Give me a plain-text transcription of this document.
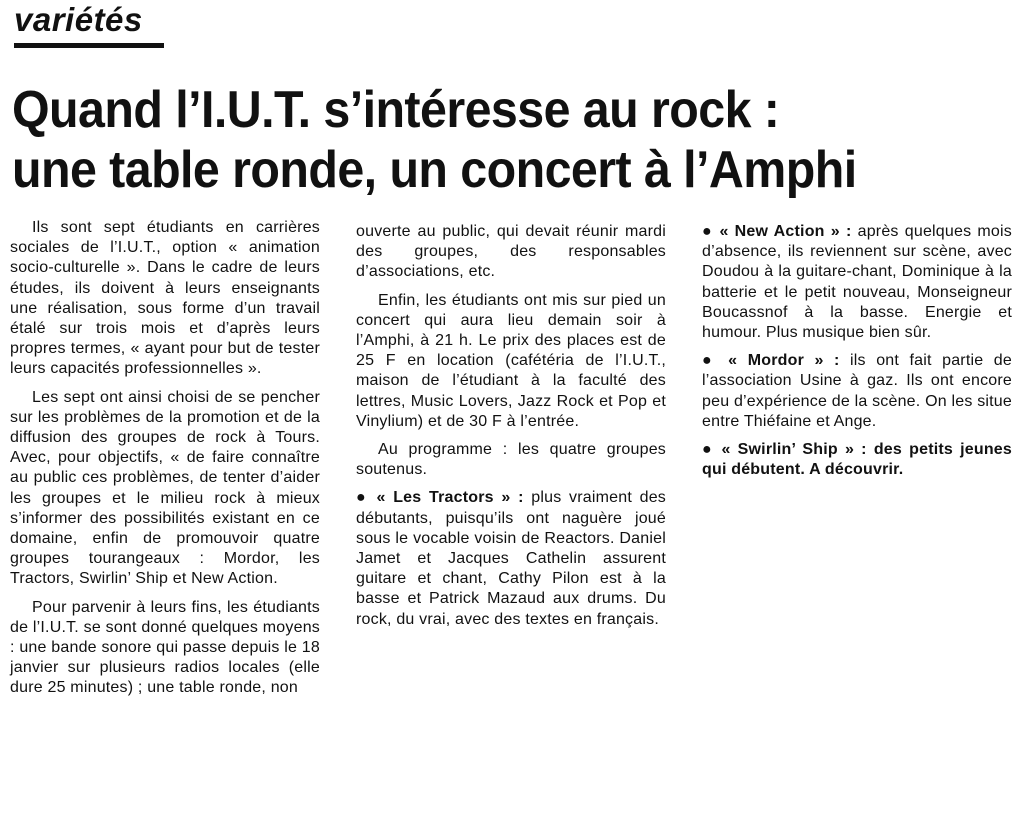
variétés
Quand l’I.U.T. s’intéresse au rock :
une table ronde, un concert à l’Amphi

Ils sont sept étudiants en carrières sociales de l’I.U.T., option « animation socio-culturelle ». Dans le cadre de leurs études, ils doivent à leurs enseignants une réalisation, sous forme d’un travail étalé sur trois mois et d’après leurs propres termes, « ayant pour but de tester leurs capacités professionnelles ».

Les sept ont ainsi choisi de se pencher sur les problèmes de la promotion et de la diffusion des groupes de rock à Tours. Avec, pour objectifs, « de faire connaître au public ces problèmes, de tenter d’aider les groupes et le milieu rock à mieux s’informer des possibilités existant en ce domaine, enfin de promouvoir quatre groupes tourangeaux : Mordor, les Tractors, Swirlin’ Ship et New Action.

Pour parvenir à leurs fins, les étudiants de l’I.U.T. se sont donné quelques moyens : une bande sonore qui passe depuis le 18 janvier sur plusieurs radios locales (elle dure 25 minutes) ; une table ronde, non

ouverte au public, qui devait réunir mardi des groupes, des responsables d’associations, etc.

Enfin, les étudiants ont mis sur pied un concert qui aura lieu demain soir à l’Amphi, à 21 h. Le prix des places est de 25 F en location (cafétéria de l’I.U.T., maison de l’étudiant à la faculté des lettres, Music Lovers, Jazz Rock et Pop et Vinylium) et de 30 F à l’entrée.

Au programme : les quatre groupes soutenus.

● « Les Tractors » : plus vraiment des débutants, puisqu’ils ont naguère joué sous le vocable voisin de Reactors. Daniel Jamet et Jacques Cathelin assurent guitare et chant, Cathy Pilon est à la basse et Patrick Mazaud aux drums. Du rock, du vrai, avec des textes en français.

● « New Action » : après quelques mois d’absence, ils reviennent sur scène, avec Doudou à la guitare-chant, Dominique à la batterie et le petit nouveau, Monseigneur Boucassnof à la basse. Energie et humour. Plus musique bien sûr.

● « Mordor » : ils ont fait partie de l’association Usine à gaz. Ils ont encore peu d’expérience de la scène. On les situe entre Thiéfaine et Ange.

● « Swirlin’ Ship » : des petits jeunes qui débutent. A découvrir.
